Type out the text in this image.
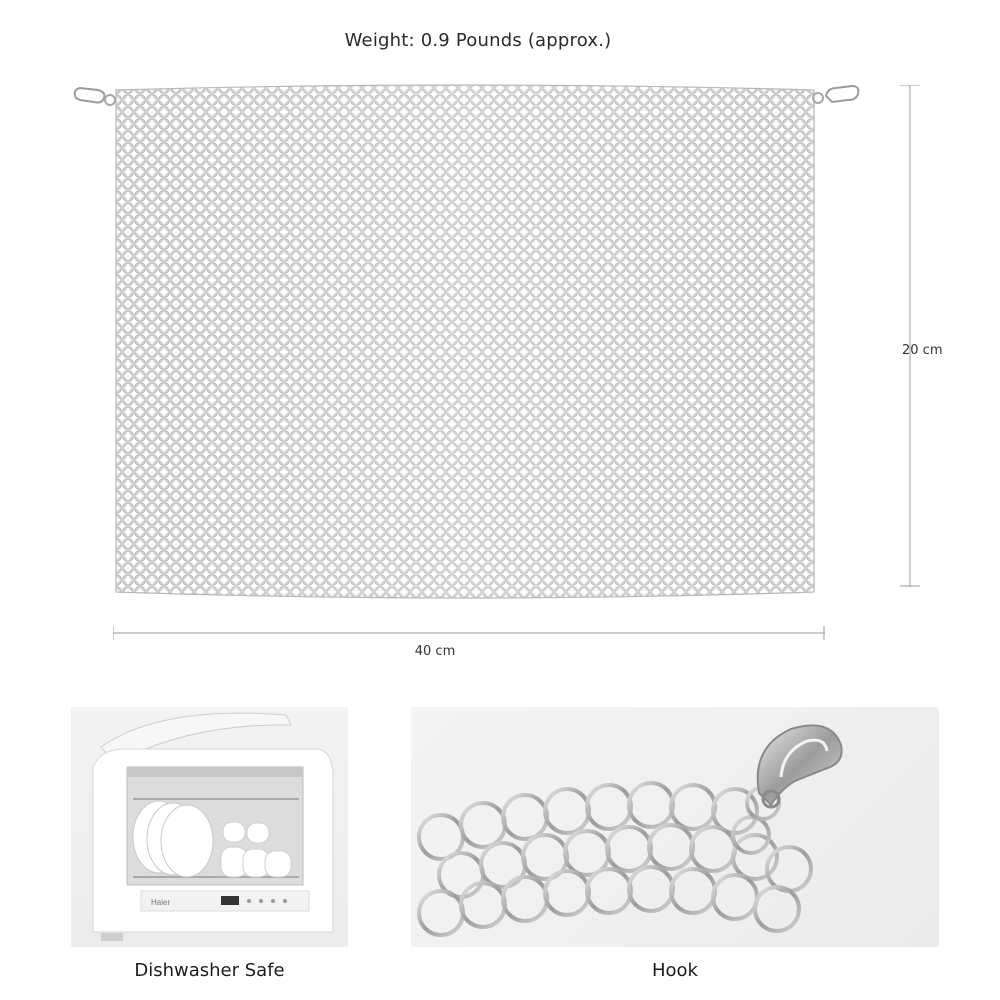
Weight: 0.9 Pounds (approx.)
20 cm
40 cm
Haier
Dishwasher Safe	Hook
